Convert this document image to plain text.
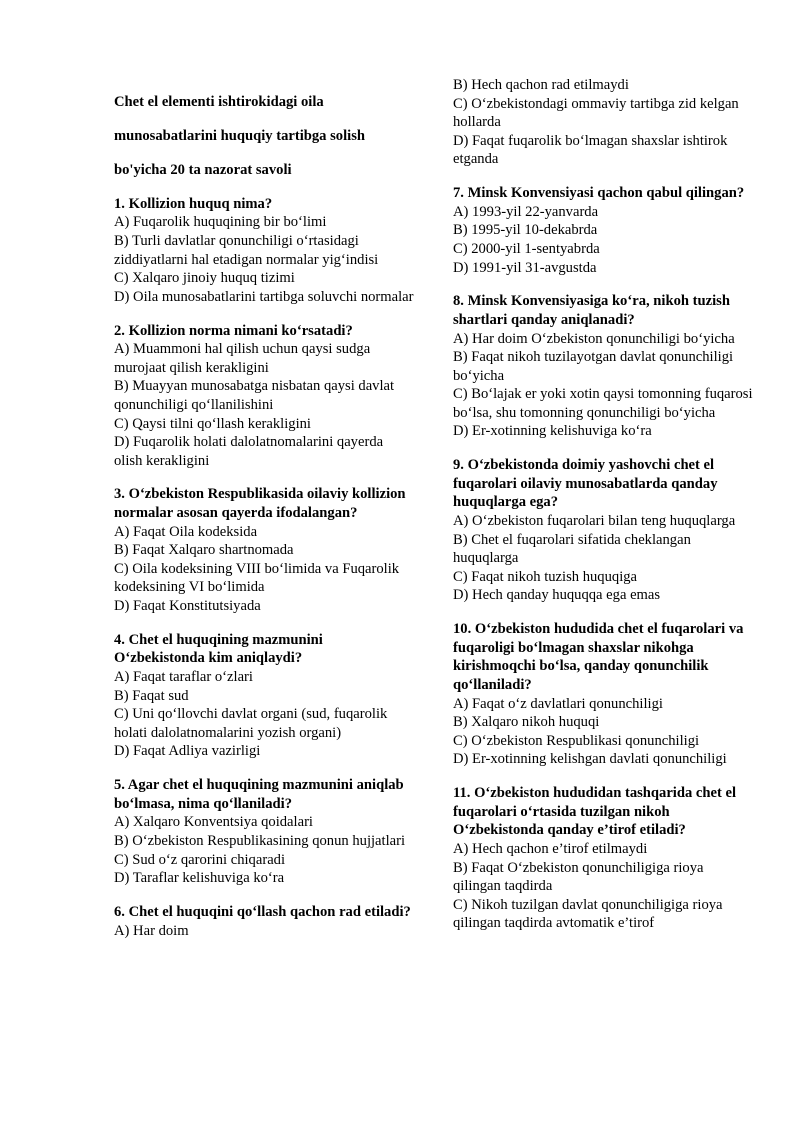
Chet el elementi ishtirokidagi oila
munosabatlarini huquqiy tartibga solish
bo'yicha 20 ta nazorat savoli
1. Kollizion huquq nima?
A) Fuqarolik huquqining bir bo‘limi
B) Turli davlatlar qonunchiligi o‘rtasidagi ziddiyatlarni hal etadigan normalar yig‘indisi
C) Xalqaro jinoiy huquq tizimi
D) Oila munosabatlarini tartibga soluvchi normalar
2. Kollizion norma nimani ko‘rsatadi?
A) Muammoni hal qilish uchun qaysi sudga murojaat qilish kerakligini
B) Muayyan munosabatga nisbatan qaysi davlat qonunchiligi qo‘llanilishini
C) Qaysi tilni qo‘llash kerakligini
D) Fuqarolik holati dalolatnomalarini qayerda olish kerakligini
3. O‘zbekiston Respublikasida oilaviy kollizion normalar asosan qayerda ifodalangan?
A) Faqat Oila kodeksida
B) Faqat Xalqaro shartnomada
C) Oila kodeksining VIII bo‘limida va Fuqarolik kodeksining VI bo‘limida
D) Faqat Konstitutsiyada
4. Chet el huquqining mazmunini O‘zbekistonda kim aniqlaydi?
A) Faqat taraflar o‘zlari
B) Faqat sud
C) Uni qo‘llovchi davlat organi (sud, fuqarolik holati dalolatnomalarini yozish organi)
D) Faqat Adliya vazirligi
5. Agar chet el huquqining mazmunini aniqlab bo‘lmasa, nima qo‘llaniladi?
A) Xalqaro Konventsiya qoidalari
B) O‘zbekiston Respublikasining qonun hujjatlari
C) Sud o‘z qarorini chiqaradi
D) Taraflar kelishuviga ko‘ra
6. Chet el huquqini qo‘llash qachon rad etiladi?
A) Har doim
B) Hech qachon rad etilmaydi
C) O‘zbekistondagi ommaviy tartibga zid kelgan hollarda
D) Faqat fuqarolik bo‘lmagan shaxslar ishtirok etganda
7. Minsk Konvensiyasi qachon qabul qilingan?
A) 1993-yil 22-yanvarda
B) 1995-yil 10-dekabrda
C) 2000-yil 1-sentyabrda
D) 1991-yil 31-avgustda
8. Minsk Konvensiyasiga ko‘ra, nikoh tuzish shartlari qanday aniqlanadi?
A) Har doim O‘zbekiston qonunchiligi bo‘yicha
B) Faqat nikoh tuzilayotgan davlat qonunchiligi bo‘yicha
C) Bo‘lajak er yoki xotin qaysi tomonning fuqarosi bo‘lsa, shu tomonning qonunchiligi bo‘yicha
D) Er-xotinning kelishuviga ko‘ra
9. O‘zbekistonda doimiy yashovchi chet el fuqarolari oilaviy munosabatlarda qanday huquqlarga ega?
A) O‘zbekiston fuqarolari bilan teng huquqlarga
B) Chet el fuqarolari sifatida cheklangan huquqlarga
C) Faqat nikoh tuzish huquqiga
D) Hech qanday huquqqa ega emas
10. O‘zbekiston hududida chet el fuqarolari va fuqaroligi bo‘lmagan shaxslar nikohga kirishmoqchi bo‘lsa, qanday qonunchilik qo‘llaniladi?
A) Faqat o‘z davlatlari qonunchiligi
B) Xalqaro nikoh huquqi
C) O‘zbekiston Respublikasi qonunchiligi
D) Er-xotinning kelishgan davlati qonunchiligi
11. O‘zbekiston hududidan tashqarida chet el fuqarolari o‘rtasida tuzilgan nikoh O‘zbekistonda qanday e’tirof etiladi?
A) Hech qachon e’tirof etilmaydi
B) Faqat O‘zbekiston qonunchiligiga rioya qilingan taqdirda
C) Nikoh tuzilgan davlat qonunchiligiga rioya qilingan taqdirda avtomatik e’tirof
